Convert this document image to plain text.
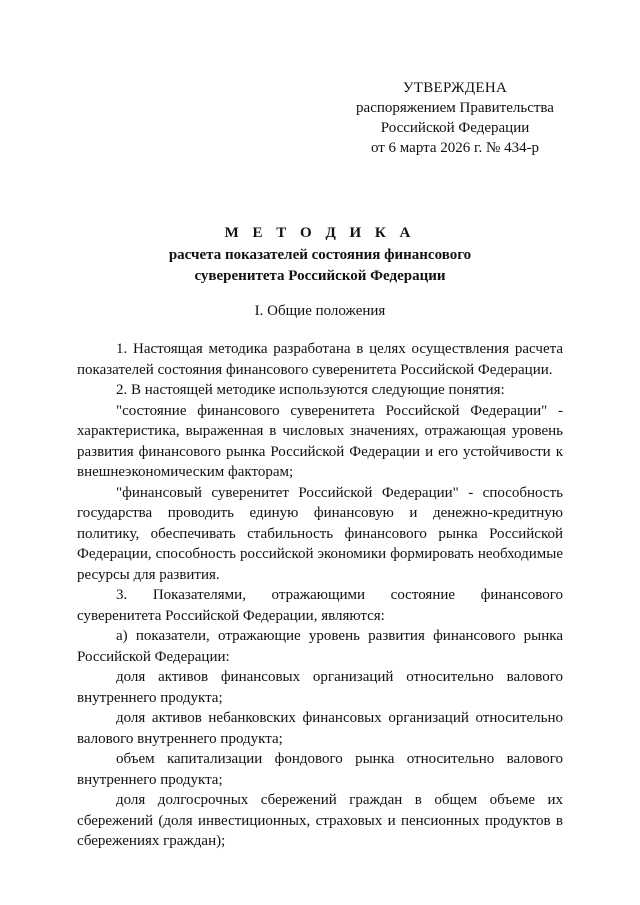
УТВЕРЖДЕНА
распоряжением Правительства
Российской Федерации
от 6 марта 2026 г. № 434-р
М Е Т О Д И К А
расчета показателей состояния финансового
суверенитета Российской Федерации
I. Общие положения

1. Настоящая методика разработана в целях осуществления расчета показателей состояния финансового суверенитета Российской Федерации.

2. В настоящей методике используются следующие понятия:

"состояние финансового суверенитета Российской Федерации" - характеристика, выраженная в числовых значениях, отражающая уровень развития финансового рынка Российской Федерации и его устойчивости к внешнеэкономическим факторам;

"финансовый суверенитет Российской Федерации" - способность государства проводить единую финансовую и денежно-кредитную политику, обеспечивать стабильность финансового рынка Российской Федерации, способность российской экономики формировать необходимые ресурсы для развития.

3. Показателями, отражающими состояние финансового суверенитета Российской Федерации, являются:

а) показатели, отражающие уровень развития финансового рынка Российской Федерации:

доля активов финансовых организаций относительно валового внутреннего продукта;

доля активов небанковских финансовых организаций относительно валового внутреннего продукта;

объем капитализации фондового рынка относительно валового внутреннего продукта;

доля долгосрочных сбережений граждан в общем объеме их сбережений (доля инвестиционных, страховых и пенсионных продуктов в сбережениях граждан);
